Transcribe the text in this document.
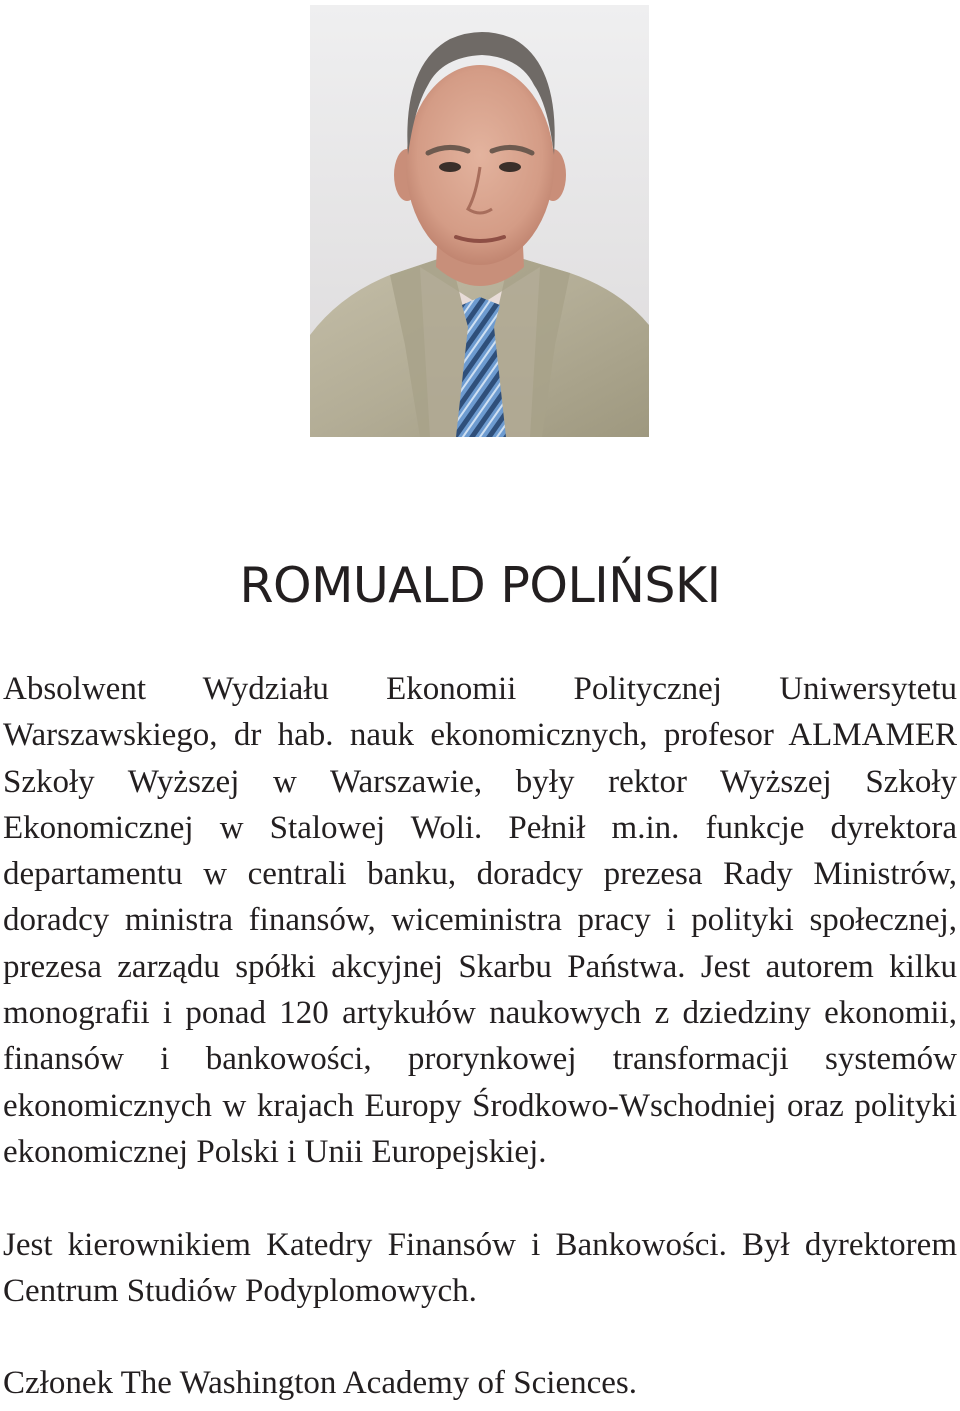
ROMUALD POLIŃSKI

Absolwent Wydziału Ekonomii Politycznej Uniwersytetu Warszawskiego, dr hab. nauk ekonomicznych, profesor ALMAMER Szkoły Wyższej w Warszawie, były rektor Wyższej Szkoły Ekonomicznej w Stalowej Woli. Pełnił m.in. funkcje dyrektora departamentu w centrali banku, doradcy prezesa Rady Ministrów, doradcy ministra finansów, wiceministra pracy i polityki społecznej, prezesa zarządu spółki akcyjnej Skarbu Państwa. Jest autorem kilku monografii i ponad 120 artykułów naukowych z dziedziny ekonomii, finansów i bankowości, prorynkowej transformacji systemów ekonomicznych w krajach Europy Środkowo-Wschodniej oraz polityki ekonomicznej Polski i Unii Europejskiej.

Jest kierownikiem Katedry Finansów i Bankowości. Był dyrektorem Centrum Studiów Podyplomowych.

Członek The Washington Academy of Sciences.
